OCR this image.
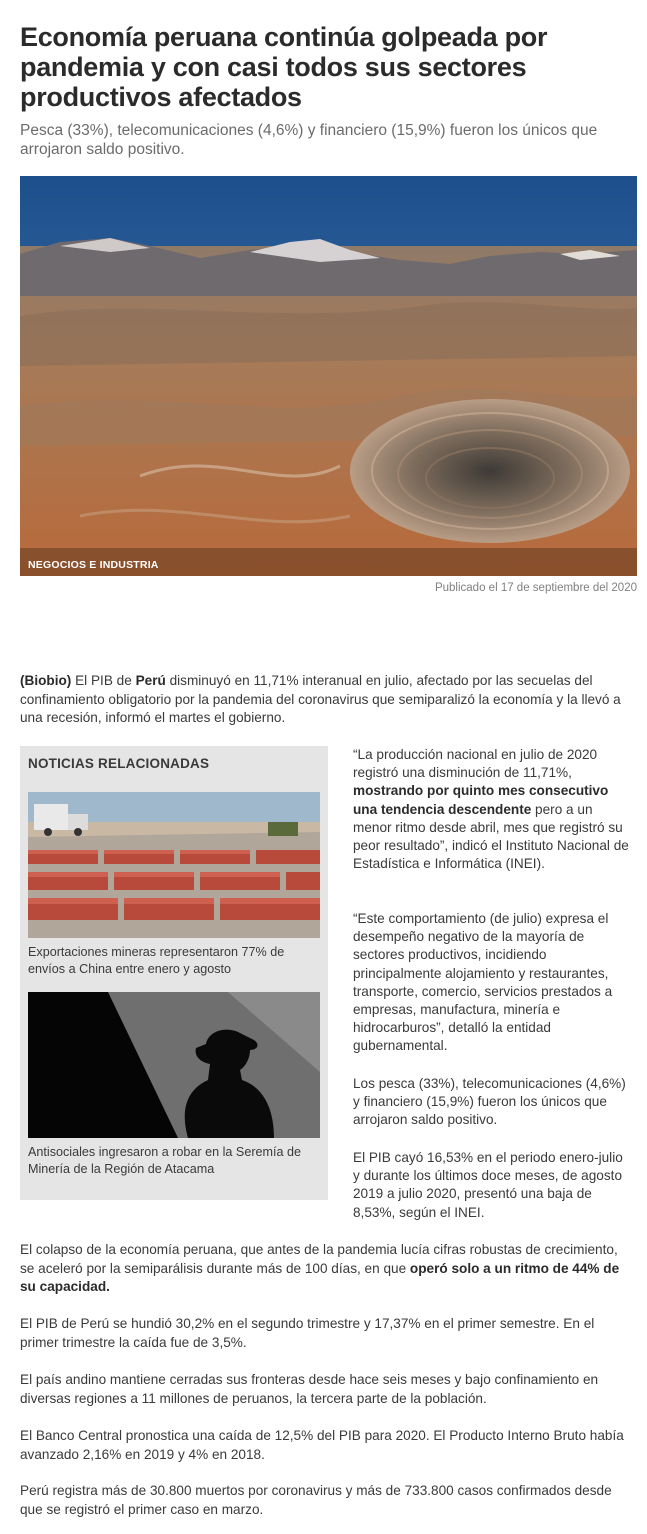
Economía peruana continúa golpeada por pandemia y con casi todos sus sectores productivos afectados

Pesca (33%), telecomunicaciones (4,6%) y financiero (15,9%) fueron los únicos que arrojaron saldo positivo.

NEGOCIOS E INDUSTRIA
Publicado el 17 de septiembre del 2020

(Biobio) El PIB de Perú disminuyó en 11,71% interanual en julio, afectado por las secuelas del confinamiento obligatorio por la pandemia del coronavirus que semiparalizó la economía y la llevó a una recesión, informó el martes el gobierno.

NOTICIAS RELACIONADAS
Exportaciones mineras representaron 77% de envíos a China entre enero y agosto
Antisociales ingresaron a robar en la Seremía de Minería de la Región de Atacama

“La producción nacional en julio de 2020 registró una disminución de 11,71%, mostrando por quinto mes consecutivo una tendencia descendente pero a un menor ritmo desde abril, mes que registró su peor resultado”, indicó el Instituto Nacional de Estadística e Informática (INEI).

“Este comportamiento (de julio) expresa el desempeño negativo de la mayoría de sectores productivos, incidiendo principalmente alojamiento y restaurantes, transporte, comercio, servicios prestados a empresas, manufactura, minería e hidrocarburos”, detalló la entidad gubernamental.

Los pesca (33%), telecomunicaciones (4,6%) y financiero (15,9%) fueron los únicos que arrojaron saldo positivo.

El PIB cayó 16,53% en el periodo enero-julio y durante los últimos doce meses, de agosto 2019 a julio 2020, presentó una baja de 8,53%, según el INEI.

El colapso de la economía peruana, que antes de la pandemia lucía cifras robustas de crecimiento, se aceleró por la semiparálisis durante más de 100 días, en que operó solo a un ritmo de 44% de su capacidad.

El PIB de Perú se hundió 30,2% en el segundo trimestre y 17,37% en el primer semestre. En el primer trimestre la caída fue de 3,5%.

El país andino mantiene cerradas sus fronteras desde hace seis meses y bajo confinamiento en diversas regiones a 11 millones de peruanos, la tercera parte de la población.

El Banco Central pronostica una caída de 12,5% del PIB para 2020. El Producto Interno Bruto había avanzado 2,16% en 2019 y 4% en 2018.

Perú registra más de 30.800 muertos por coronavirus y más de 733.800 casos confirmados desde que se registró el primer caso en marzo.
